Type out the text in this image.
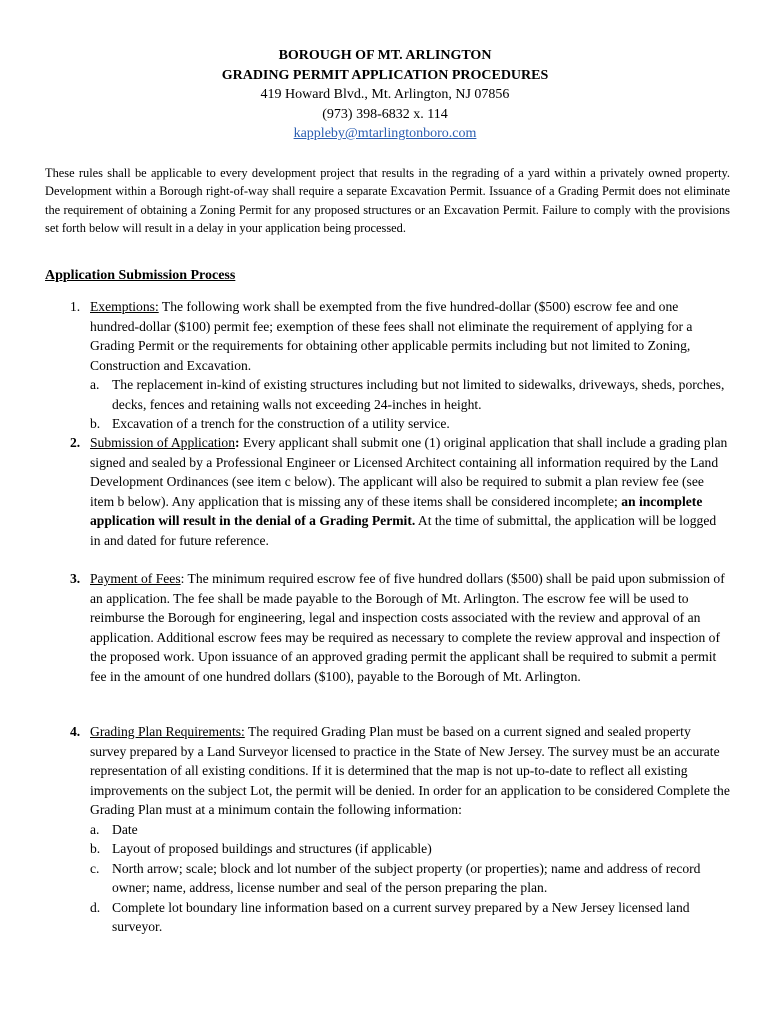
BOROUGH OF MT. ARLINGTON
GRADING PERMIT APPLICATION PROCEDURES
419 Howard Blvd., Mt. Arlington, NJ 07856
(973) 398-6832 x. 114
kappleby@mtarlingtonboro.com
These rules shall be applicable to every development project that results in the regrading of a yard within a privately owned property. Development within a Borough right-of-way shall require a separate Excavation Permit. Issuance of a Grading Permit does not eliminate the requirement of obtaining a Zoning Permit for any proposed structures or an Excavation Permit. Failure to comply with the provisions set forth below will result in a delay in your application being processed.
Application Submission Process
1. Exemptions: The following work shall be exempted from the five hundred-dollar ($500) escrow fee and one hundred-dollar ($100) permit fee; exemption of these fees shall not eliminate the requirement of applying for a Grading Permit or the requirements for obtaining other applicable permits including but not limited to Zoning, Construction and Excavation.
a. The replacement in-kind of existing structures including but not limited to sidewalks, driveways, sheds, porches, decks, fences and retaining walls not exceeding 24-inches in height.
b. Excavation of a trench for the construction of a utility service.
2. Submission of Application: Every applicant shall submit one (1) original application that shall include a grading plan signed and sealed by a Professional Engineer or Licensed Architect containing all information required by the Land Development Ordinances (see item c below). The applicant will also be required to submit a plan review fee (see item b below). Any application that is missing any of these items shall be considered incomplete; an incomplete application will result in the denial of a Grading Permit. At the time of submittal, the application will be logged in and dated for future reference.
3. Payment of Fees: The minimum required escrow fee of five hundred dollars ($500) shall be paid upon submission of an application. The fee shall be made payable to the Borough of Mt. Arlington. The escrow fee will be used to reimburse the Borough for engineering, legal and inspection costs associated with the review and approval of an application. Additional escrow fees may be required as necessary to complete the review approval and inspection of the proposed work. Upon issuance of an approved grading permit the applicant shall be required to submit a permit fee in the amount of one hundred dollars ($100), payable to the Borough of Mt. Arlington.
4. Grading Plan Requirements: The required Grading Plan must be based on a current signed and sealed property survey prepared by a Land Surveyor licensed to practice in the State of New Jersey. The survey must be an accurate representation of all existing conditions. If it is determined that the map is not up-to-date to reflect all existing improvements on the subject Lot, the permit will be denied. In order for an application to be considered Complete the Grading Plan must at a minimum contain the following information:
a. Date
b. Layout of proposed buildings and structures (if applicable)
c. North arrow; scale; block and lot number of the subject property (or properties); name and address of record owner; name, address, license number and seal of the person preparing the plan.
d. Complete lot boundary line information based on a current survey prepared by a New Jersey licensed land surveyor.
